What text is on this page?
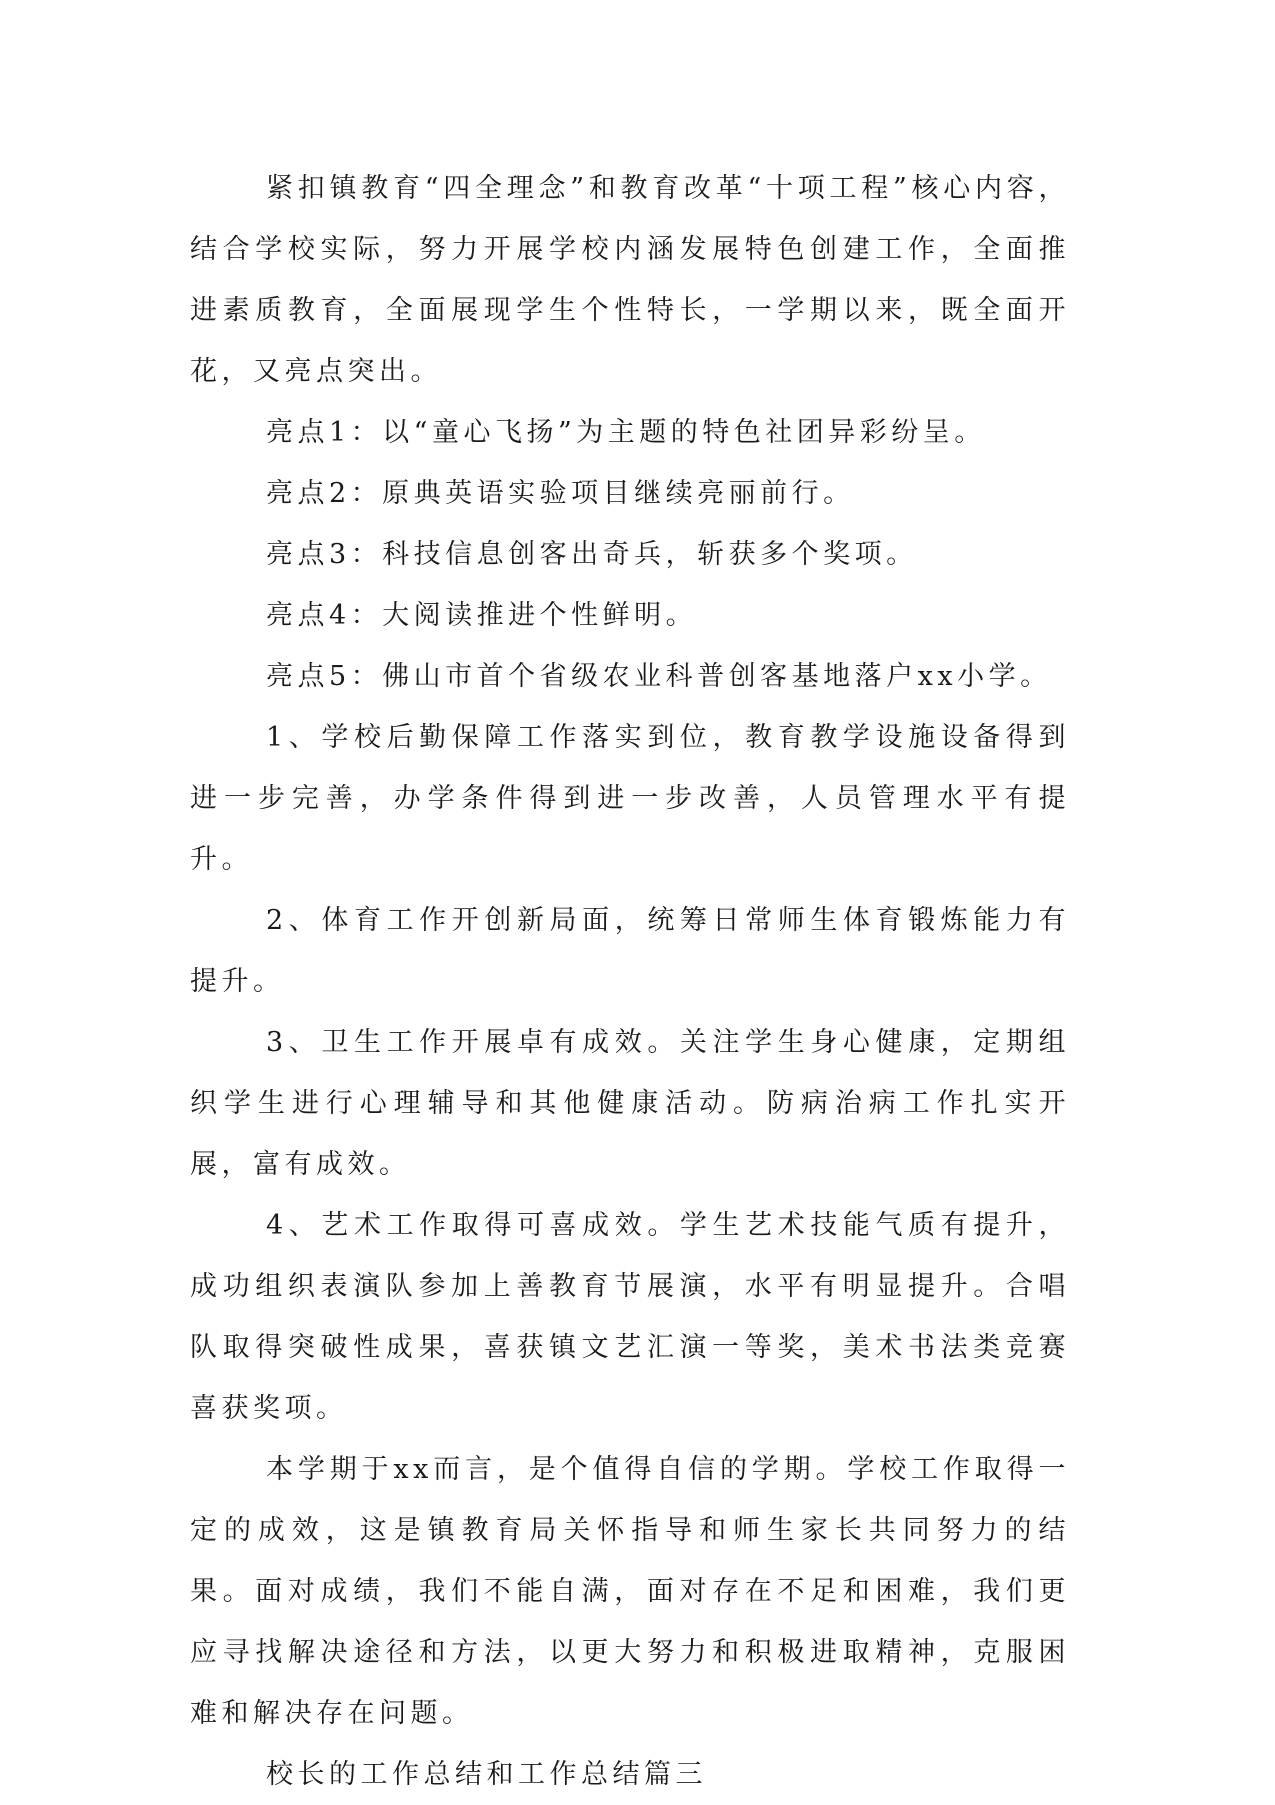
紧扣镇教育“四全理念”和教育改革“十项工程”核心内容，结合学校实际，努力开展学校内涵发展特色创建工作，全面推进素质教育，全面展现学生个性特长，一学期以来，既全面开花，又亮点突出。

亮点1：以“童心飞扬”为主题的特色社团异彩纷呈。

亮点2：原典英语实验项目继续亮丽前行。

亮点3：科技信息创客出奇兵，斩获多个奖项。

亮点4：大阅读推进个性鲜明。

亮点5：佛山市首个省级农业科普创客基地落户xx小学。

1、学校后勤保障工作落实到位，教育教学设施设备得到进一步完善，办学条件得到进一步改善，人员管理水平有提升。

2、体育工作开创新局面，统筹日常师生体育锻炼能力有提升。

3、卫生工作开展卓有成效。关注学生身心健康，定期组织学生进行心理辅导和其他健康活动。防病治病工作扎实开展，富有成效。

4、艺术工作取得可喜成效。学生艺术技能气质有提升，成功组织表演队参加上善教育节展演，水平有明显提升。合唱队取得突破性成果，喜获镇文艺汇演一等奖，美术书法类竞赛喜获奖项。

本学期于xx而言，是个值得自信的学期。学校工作取得一定的成效，这是镇教育局关怀指导和师生家长共同努力的结果。面对成绩，我们不能自满，面对存在不足和困难，我们更应寻找解决途径和方法，以更大努力和积极进取精神，克服困难和解决存在问题。

校长的工作总结和工作总结篇三
